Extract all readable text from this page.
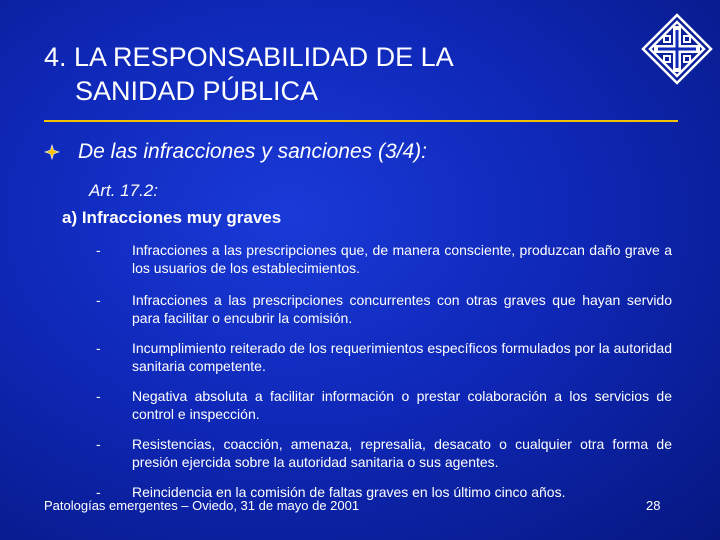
4. LA RESPONSABILIDAD DE LA
SANIDAD PÚBLICA
De las infracciones y sanciones (3/4):
Art. 17.2:
a) Infracciones muy graves
-	Infracciones a las prescripciones que, de manera consciente, produzcan daño grave a los usuarios de los establecimientos.
-	Infracciones a las prescripciones concurrentes con otras graves que hayan servido para facilitar o encubrir la comisión.
-	Incumplimiento reiterado de los requerimientos específicos formulados por la autoridad sanitaria competente.
-	Negativa absoluta a facilitar información o prestar colaboración a los servicios de control e inspección.
-	Resistencias, coacción, amenaza, represalia, desacato o cualquier otra forma de presión ejercida sobre la autoridad sanitaria o sus agentes.
-	Reincidencia en la comisión de faltas graves en los último cinco años.
Patologías emergentes – Oviedo, 31 de mayo de 2001	28
